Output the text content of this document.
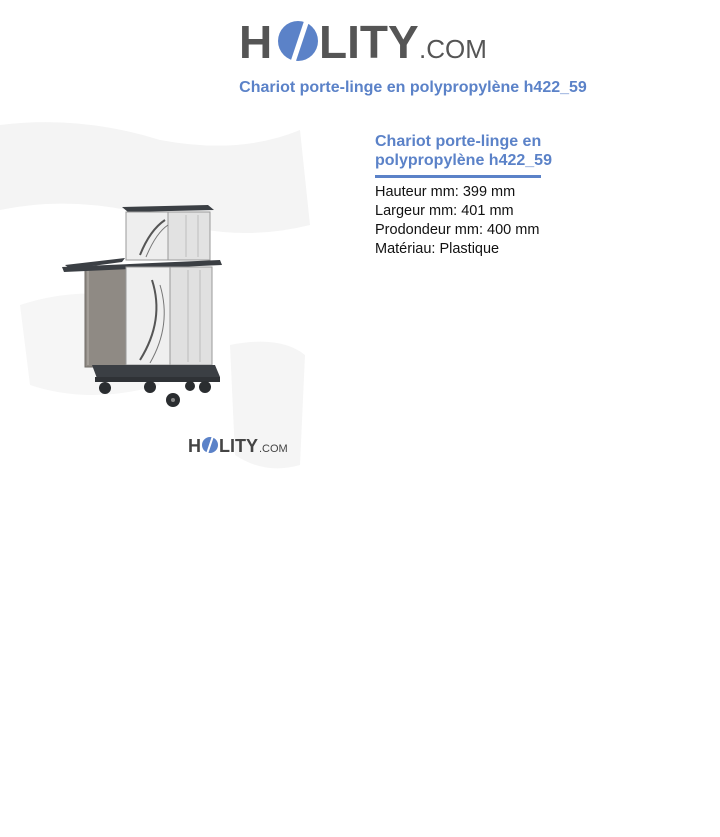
H LITY .COM
Chariot porte-linge en polypropylène h422_59
H LITY .COM
Chariot porte-linge en polypropylène h422_59
Hauteur mm: 399 mm
Largeur mm: 401 mm
Prodondeur mm: 400 mm
Matériau: Plastique
